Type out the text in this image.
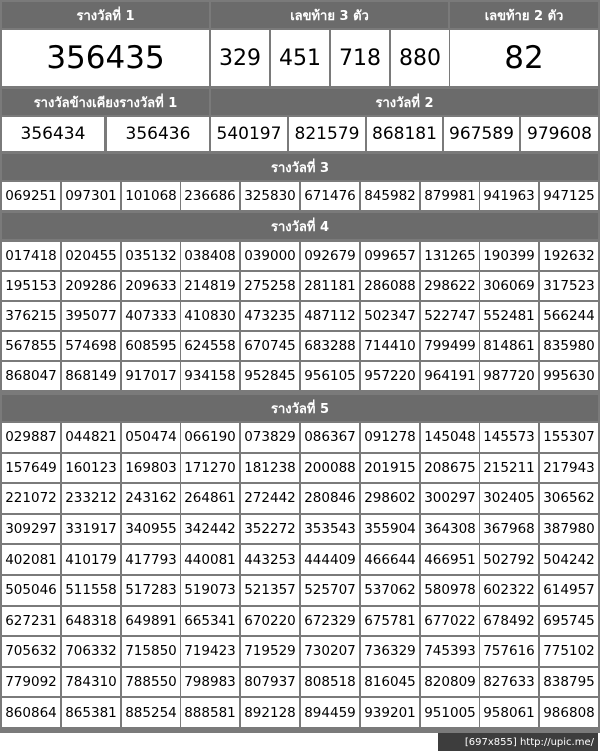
รางวัลที่ 1	เลขท้าย 3 ตัว	เลขท้าย 2 ตัว
356435	329 451 718 880	82
รางวัลข้างเคียงรางวัลที่ 1	รางวัลที่ 2
356434	356436	540197 821579 868181 967589 979608
รางวัลที่ 3
069251 097301 101068 236686 325830 671476 845982 879981 941963 947125
รางวัลที่ 4
017418 020455 035132 038408 039000 092679 099657 131265 190399 192632
195153 209286 209633 214819 275258 281181 286088 298622 306069 317523
376215 395077 407333 410830 473235 487112 502347 522747 552481 566244
567855 574698 608595 624558 670745 683288 714410 799499 814861 835980
868047 868149 917017 934158 952845 956105 957220 964191 987720 995630
รางวัลที่ 5
029887 044821 050474 066190 073829 086367 091278 145048 145573 155307
157649 160123 169803 171270 181238 200088 201915 208675 215211 217943
221072 233212 243162 264861 272442 280846 298602 300297 302405 306562
309297 331917 340955 342442 352272 353543 355904 364308 367968 387980
402081 410179 417793 440081 443253 444409 466644 466951 502792 504242
505046 511558 517283 519073 521357 525707 537062 580978 602322 614957
627231 648318 649891 665341 670220 672329 675781 677022 678492 695745
705632 706332 715850 719423 719529 730207 736329 745393 757616 775102
779092 784310 788550 798983 807937 808518 816045 820809 827633 838795
860864 865381 885254 888581 892128 894459 939201 951005 958061 986808
[697x855] http://upic.me/
